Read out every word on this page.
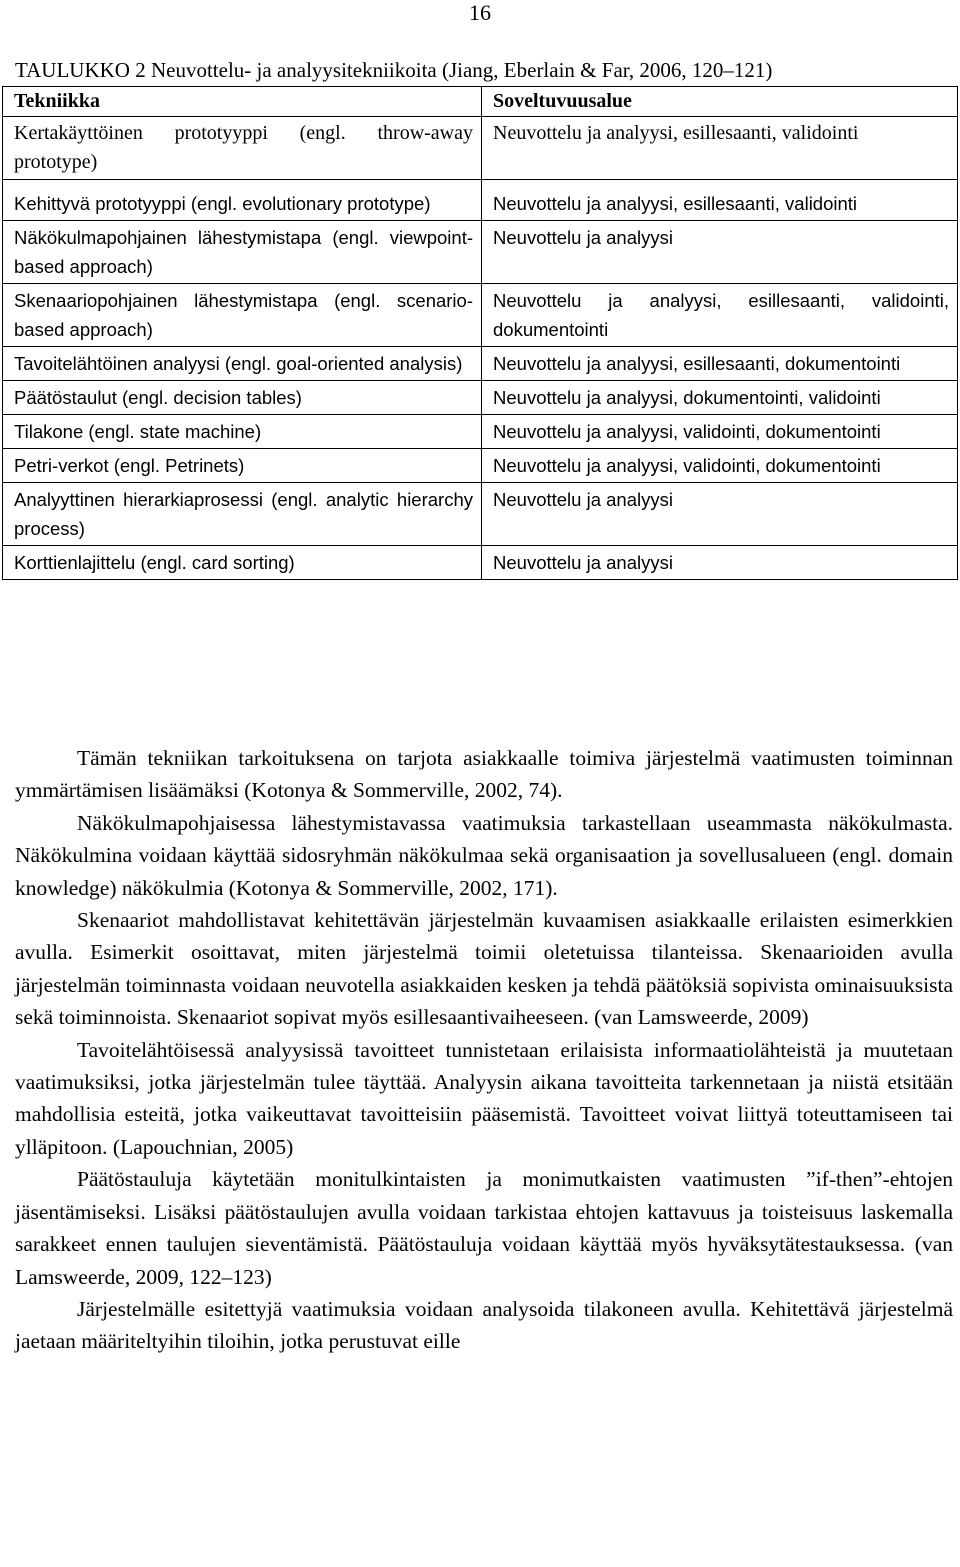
16
TAULUKKO 2 Neuvottelu- ja analyysitekniikoita (Jiang, Eberlain & Far, 2006, 120–121)
Tekniikka	Soveltuvuusalue
Kertakäyttöinen prototyyppi (engl. throw-away prototype)	Neuvottelu ja analyysi, esillesaanti, validointi
Kehittyvä prototyyppi (engl. evolutionary prototype)	Neuvottelu ja analyysi, esillesaanti, validointi
Näkökulmapohjainen lähestymistapa (engl. viewpoint-based approach)	Neuvottelu ja analyysi
Skenaariopohjainen lähestymistapa (engl. scenario-based approach)	Neuvottelu ja analyysi, esillesaanti, validointi, dokumentointi
Tavoitelähtöinen analyysi (engl. goal-oriented analysis)	Neuvottelu ja analyysi, esillesaanti, dokumentointi
Päätöstaulut (engl. decision tables)	Neuvottelu ja analyysi, dokumentointi, validointi
Tilakone (engl. state machine)	Neuvottelu ja analyysi, validointi, dokumentointi
Petri-verkot (engl. Petrinets)	Neuvottelu ja analyysi, validointi, dokumentointi
Analyyttinen hierarkiaprosessi (engl. analytic hierarchy process)	Neuvottelu ja analyysi
Korttienlajittelu (engl. card sorting)	Neuvottelu ja analyysi

Tämän tekniikan tarkoituksena on tarjota asiakkaalle toimiva järjestelmä vaatimusten toiminnan ymmärtämisen lisäämäksi (Kotonya & Sommerville, 2002, 74).

Näkökulmapohjaisessa lähestymistavassa vaatimuksia tarkastellaan useammasta näkökulmasta. Näkökulmina voidaan käyttää sidosryhmän näkökulmaa sekä organisaation ja sovellusalueen (engl. domain knowledge) näkökulmia (Kotonya & Sommerville, 2002, 171).

Skenaariot mahdollistavat kehitettävän järjestelmän kuvaamisen asiakkaalle erilaisten esimerkkien avulla. Esimerkit osoittavat, miten järjestelmä toimii oletetuissa tilanteissa. Skenaarioiden avulla järjestelmän toiminnasta voidaan neuvotella asiakkaiden kesken ja tehdä päätöksiä sopivista ominaisuuksista sekä toiminnoista. Skenaariot sopivat myös esillesaantivaiheeseen. (van Lamsweerde, 2009)

Tavoitelähtöisessä analyysissä tavoitteet tunnistetaan erilaisista informaatiolähteistä ja muutetaan vaatimuksiksi, jotka järjestelmän tulee täyttää. Analyysin aikana tavoitteita tarkennetaan ja niistä etsitään mahdollisia esteitä, jotka vaikeuttavat tavoitteisiin pääsemistä. Tavoitteet voivat liittyä toteuttamiseen tai ylläpitoon. (Lapouchnian, 2005)

Päätöstauluja käytetään monitulkintaisten ja monimutkaisten vaatimusten ”if-then”-ehtojen jäsentämiseksi. Lisäksi päätöstaulujen avulla voidaan tarkistaa ehtojen kattavuus ja toisteisuus laskemalla sarakkeet ennen taulujen sieventämistä. Päätöstauluja voidaan käyttää myös hyväksytätestauksessa. (van Lamsweerde, 2009, 122–123)

Järjestelmälle esitettyjä vaatimuksia voidaan analysoida tilakoneen avulla. Kehitettävä järjestelmä jaetaan määriteltyihin tiloihin, jotka perustuvat eille
